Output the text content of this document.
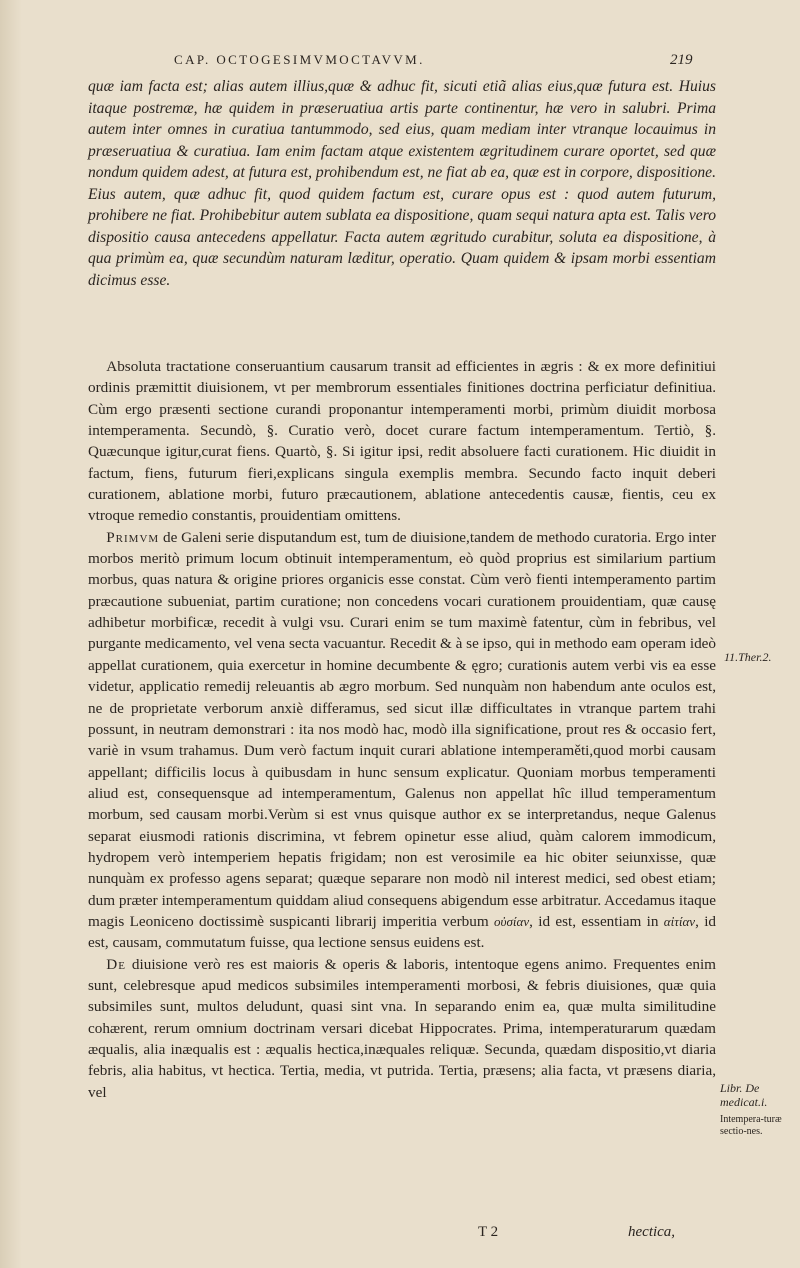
CAP. OCTOGESIMVMOCTAVVM.	219

quæ iam facta est; alias autem illius,quæ & adhuc fit, sicuti etiã alias eius,quæ futura est. Huius itaque postremæ, hæ quidem in præseruatiua artis parte continentur, hæ vero in salubri. Prima autem inter omnes in curatiua tantummodo, sed eius, quam mediam inter vtranque locauimus in præseruatiua & curatiua. Iam enim factam atque existentem ægritudinem curare oportet, sed quæ nondum quidem adest, at futura est, prohibendum est, ne fiat ab ea, quæ est in corpore, dispositione. Eius autem, quæ adhuc fit, quod quidem factum est, curare opus est : quod autem futurum, prohibere ne fiat. Prohibebitur autem sublata ea dispositione, quam sequi natura apta est. Talis vero dispositio causa antecedens appellatur. Facta autem ægritudo curabitur, soluta ea dispositione, à qua primùm ea, quæ secundùm naturam læditur, operatio. Quam quidem & ipsam morbi essentiam dicimus esse.

Absoluta tractatione conseruantium causarum transit ad efficientes in ægris : & ex more definitiui ordinis præmittit diuisionem, vt per membrorum essentiales finitiones doctrina perficiatur definitiua. Cùm ergo præsenti sectione curandi proponantur intemperamenti morbi, primùm diuidit morbosa intemperamenta. Secundò, §. Curatio verò, docet curare factum intemperamentum. Tertiò, §. Quæcunque igitur,curat fiens. Quartò, §. Si igitur ipsi, redit absoluere facti curationem. Hic diuidit in factum, fiens, futurum fieri,explicans singula exemplis membra. Secundo facto inquit deberi curationem, ablatione morbi, futuro præcautionem, ablatione antecedentis causæ, fientis, ceu ex vtroque remedio constantis, prouidentiam omittens.

Primvm de Galeni serie disputandum est, tum de diuisione,tandem de methodo curatoria. Ergo inter morbos meritò primum locum obtinuit intemperamentum, eò quòd proprius est similarium partium morbus, quas natura & origine priores organicis esse constat. Cùm verò fienti intemperamento partim præcautione subueniat, partim curatione; non concedens vocari curationem prouidentiam, quæ causę adhibetur morbificæ, recedit à vulgi vsu. Curari enim se tum maximè fatentur, cùm in febribus, vel purgante medicamento, vel vena secta vacuantur. Recedit & à se ipso, qui in methodo eam operam ideò appellat curationem, quia exercetur in homine decumbente & ęgro; curationis autem verbi vis ea esse videtur, applicatio remedij releuantis ab ægro morbum. Sed nunquàm non habendum ante oculos est, ne de proprietate verborum anxiè differamus, sed sicut illæ difficultates in vtranque partem trahi possunt, in neutram demonstrari : ita nos modò hac, modò illa significatione, prout res & occasio fert, variè in vsum trahamus. Dum verò factum inquit curari ablatione intemperaměti,quod morbi causam appellant; difficilis locus à quibusdam in hunc sensum explicatur. Quoniam morbus temperamenti aliud est, consequensque ad intemperamentum, Galenus non appellat hîc illud temperamentum morbum, sed causam morbi.Verùm si est vnus quisque author ex se interpretandus, neque Galenus separat eiusmodi rationis discrimina, vt febrem opinetur esse aliud, quàm calorem immodicum, hydropem verò intemperiem hepatis frigidam; non est verosimile ea hic obiter seiunxisse, quæ nunquàm ex professo agens separat; quæque separare non modò nil interest medici, sed obest etiam; dum præter intemperamentum quiddam aliud consequens abigendum esse arbitratur. Accedamus itaque magis Leoniceno doctissimè suspicanti librarij imperitia verbum οὐσίαν, id est, essentiam in αἰτίαν, id est, causam, commutatum fuisse, qua lectione sensus euidens est.

De diuisione verò res est maioris & operis & laboris, intentoque egens animo. Frequentes enim sunt, celebresque apud medicos subsimiles intemperamenti morbosi, & febris diuisiones, quæ quia subsimiles sunt, multos deludunt, quasi sint vna. In separando enim ea, quæ multa similitudine cohærent, rerum omnium doctrinam versari dicebat Hippocrates. Prima, intemperaturarum quædam æqualis, alia inæqualis est : æqualis hectica,inæquales reliquæ. Secunda, quædam dispositio,vt diaria febris, alia habitus, vt hectica. Tertia, media, vt putrida. Tertia, præsens; alia facta, vt præsens diaria, vel

11.Ther.2.
Libr. De medicat.i.
Intempera-turæ sectio-nes.
T 2	hectica,
